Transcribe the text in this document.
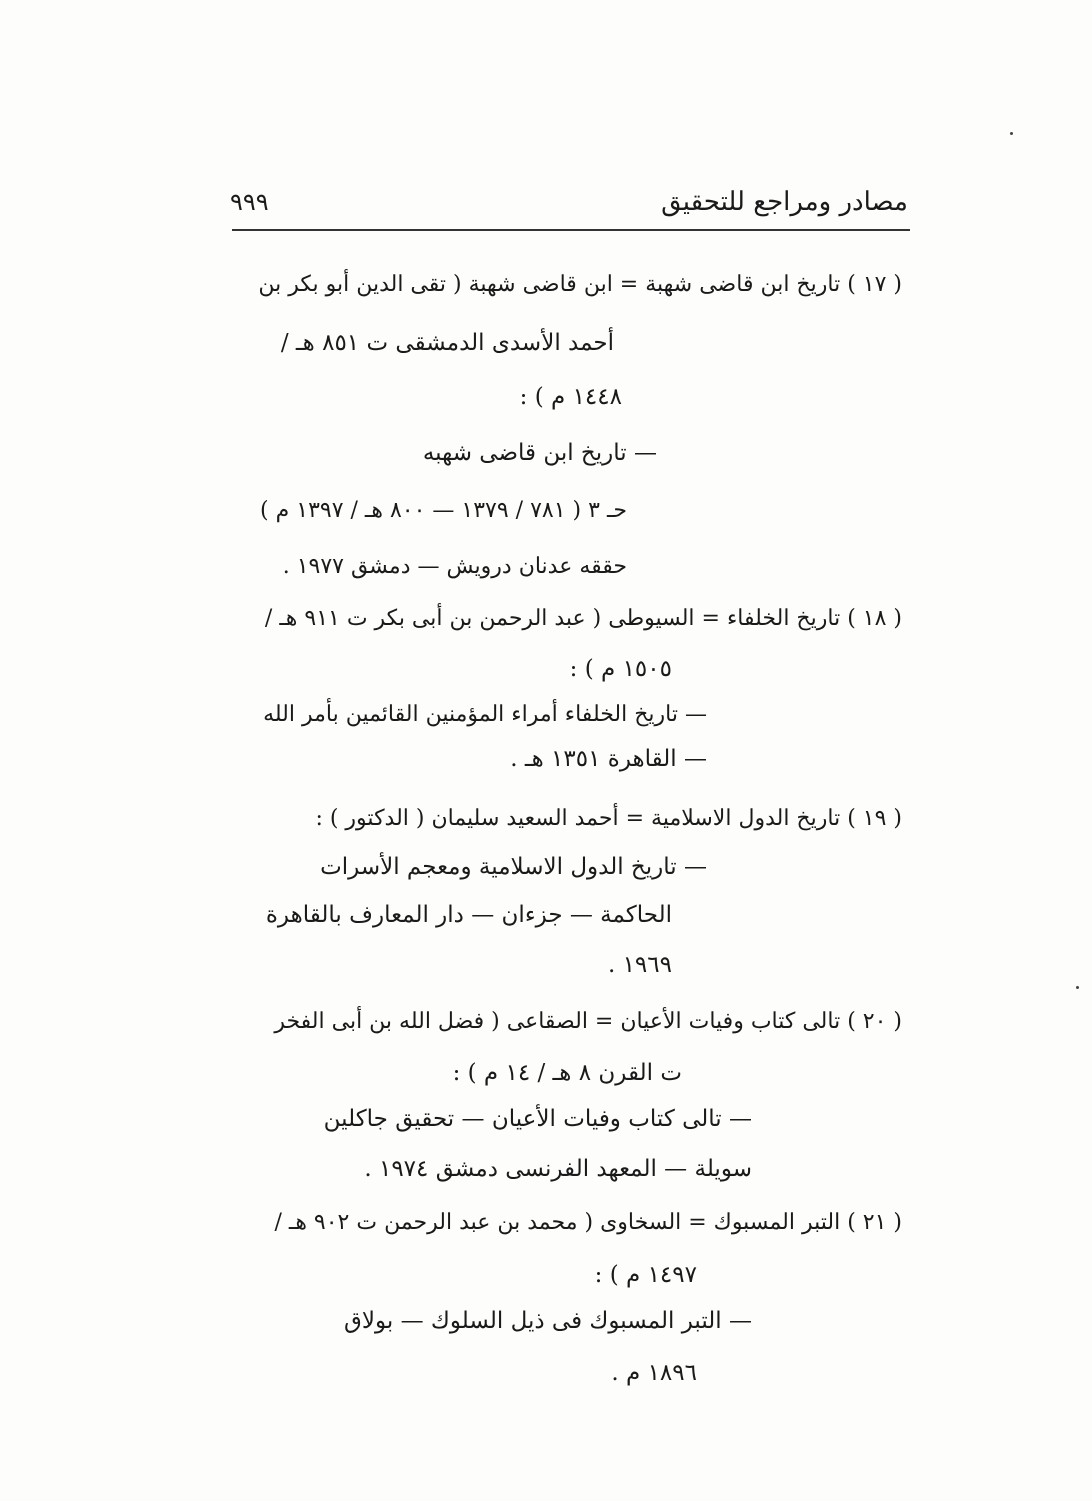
مصادر ومراجع للتحقيق
٩٩٩
( ١٧ ) تاريخ ابن قاضى شهبة = ابن قاضى شهبة ( تقى الدين أبو بكر بن
أحمد الأسدى الدمشقى ت ٨٥١ هـ /
١٤٤٨ م ) :
— تاريخ ابن قاضى شهبه
حـ ٣ ( ٧٨١ / ١٣٧٩ — ٨٠٠ هـ / ١٣٩٧ م )
حققه عدنان درويش — دمشق ١٩٧٧ .
( ١٨ ) تاريخ الخلفاء = السيوطى ( عبد الرحمن بن أبى بكر ت ٩١١ هـ /
١٥٠٥ م ) :
— تاريخ الخلفاء أمراء المؤمنين القائمين بأمر الله
— القاهرة ١٣٥١ هـ .
( ١٩ ) تاريخ الدول الاسلامية = أحمد السعيد سليمان ( الدكتور ) :
— تاريخ الدول الاسلامية ومعجم الأسرات
الحاكمة — جزءان — دار المعارف بالقاهرة
١٩٦٩ .
( ٢٠ ) تالى كتاب وفيات الأعيان = الصقاعى ( فضل الله بن أبى الفخر
ت القرن ٨ هـ / ١٤ م ) :
— تالى كتاب وفيات الأعيان — تحقيق جاكلين
سويلة — المعهد الفرنسى دمشق ١٩٧٤ .
( ٢١ ) التبر المسبوك = السخاوى ( محمد بن عبد الرحمن ت ٩٠٢ هـ /
١٤٩٧ م ) :
— التبر المسبوك فى ذيل السلوك — بولاق
١٨٩٦ م .
